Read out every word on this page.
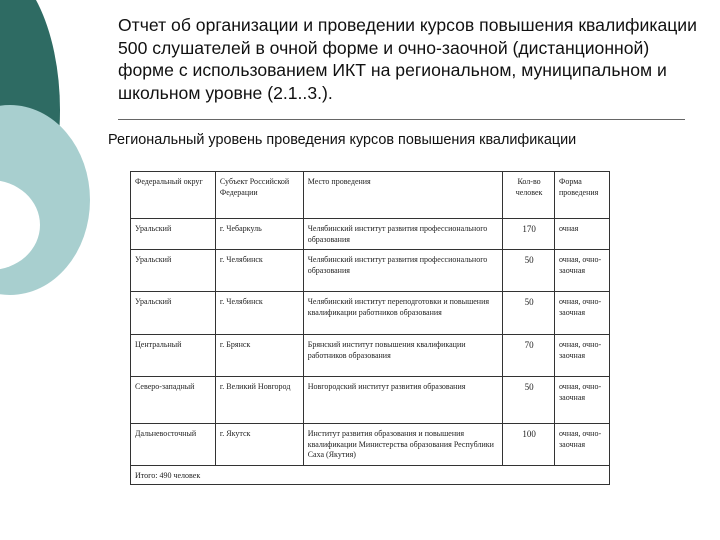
Отчет об организации и проведении курсов повышения квалификации 500 слушателей в очной форме и очно-заочной (дистанционной) форме с использованием ИКТ на региональном, муниципальном и школьном уровне (2.1..3.).
Региональный уровень проведения курсов повышения квалификации
Федеральный округ	Субъект Российской Федерации	Место проведения	Кол-во человек	Форма проведения
Уральский	г. Чебаркуль	Челябинский институт развития профессионального образования	170	очная
Уральский	г. Челябинск	Челябинский институт развития профессионального образования	50	очная, очно-заочная
Уральский	г. Челябинск	Челябинский институт переподготовки и повышения квалификации работников образования	50	очная, очно-заочная
Центральный	г. Брянск	Брянский институт повышения квалификации работников образования	70	очная, очно-заочная
Северо-западный	г. Великий Новгород	Новгородский институт развития образования	50	очная, очно-заочная
Дальневосточный	г. Якутск	Институт развития образования и повышения квалификации Министерства образования Республики Саха (Якутия)	100	очная, очно-заочная
Итого: 490 человек				
